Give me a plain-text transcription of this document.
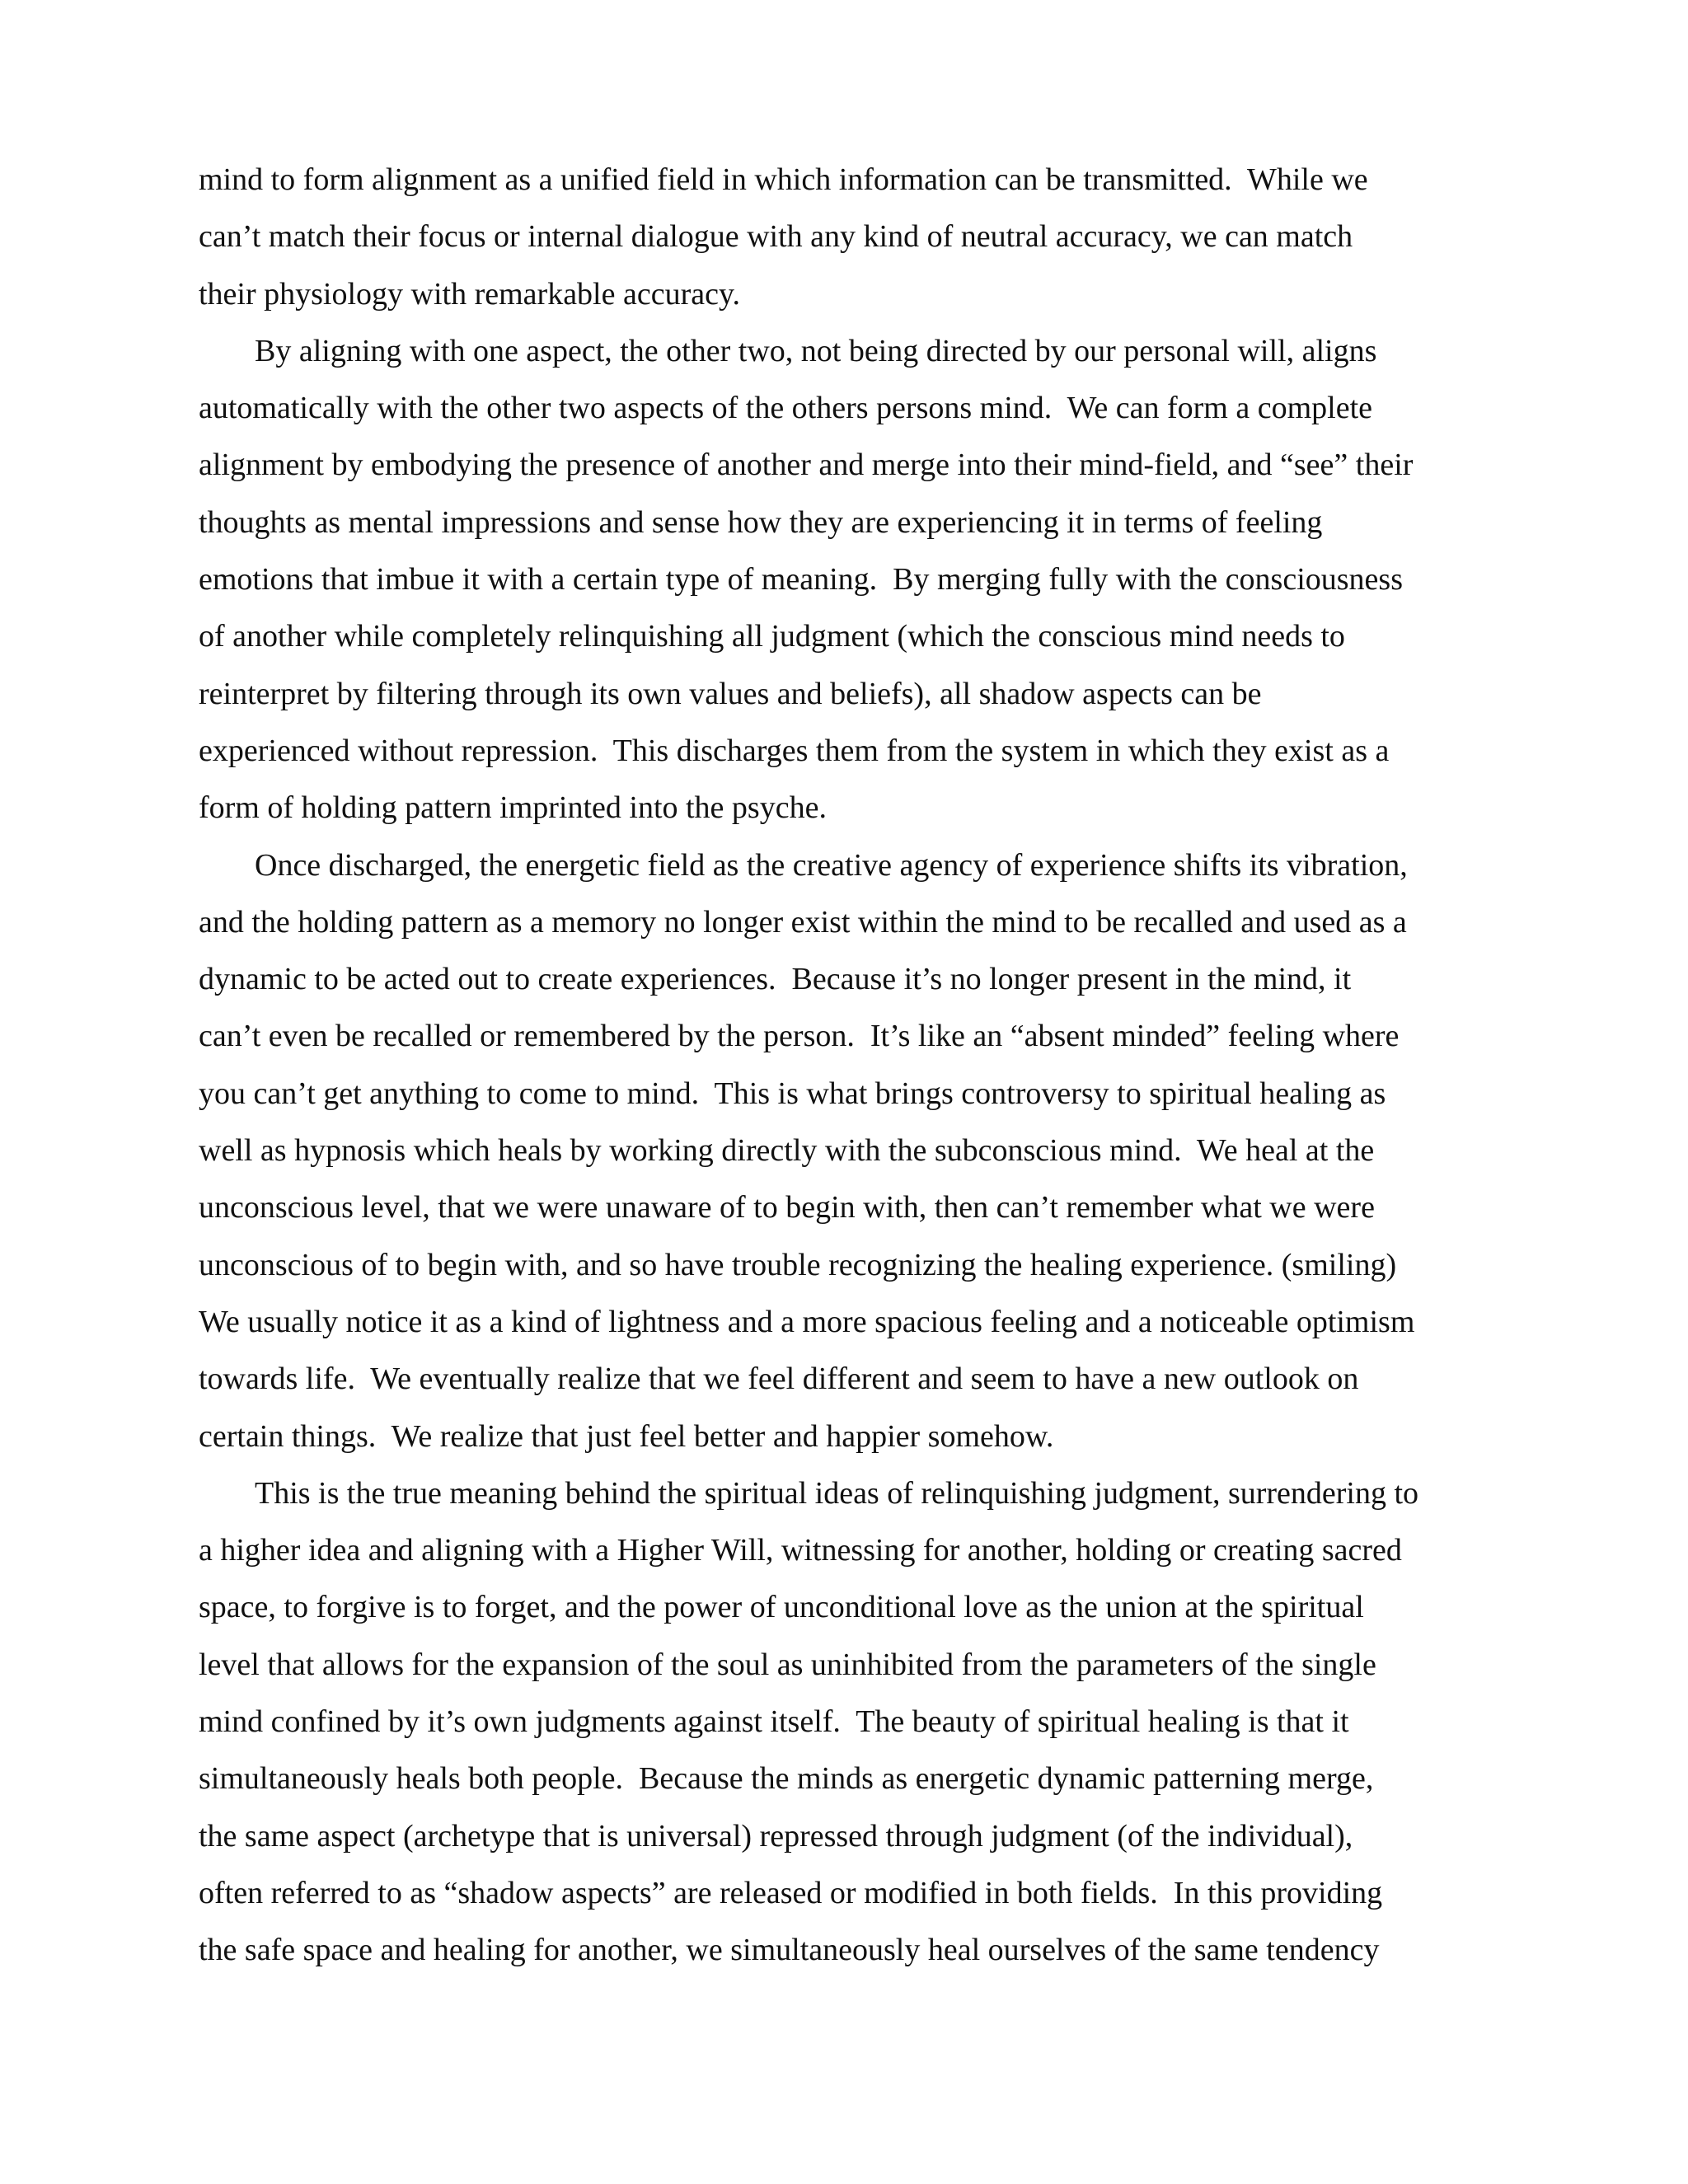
mind to form alignment as a unified field in which information can be transmitted.  While we
can’t match their focus or internal dialogue with any kind of neutral accuracy, we can match
their physiology with remarkable accuracy.
By aligning with one aspect, the other two, not being directed by our personal will, aligns
automatically with the other two aspects of the others persons mind.  We can form a complete
alignment by embodying the presence of another and merge into their mind-field, and “see” their
thoughts as mental impressions and sense how they are experiencing it in terms of feeling
emotions that imbue it with a certain type of meaning.  By merging fully with the consciousness
of another while completely relinquishing all judgment (which the conscious mind needs to
reinterpret by filtering through its own values and beliefs), all shadow aspects can be
experienced without repression.  This discharges them from the system in which they exist as a
form of holding pattern imprinted into the psyche.
Once discharged, the energetic field as the creative agency of experience shifts its vibration,
and the holding pattern as a memory no longer exist within the mind to be recalled and used as a
dynamic to be acted out to create experiences.  Because it’s no longer present in the mind, it
can’t even be recalled or remembered by the person.  It’s like an “absent minded” feeling where
you can’t get anything to come to mind.  This is what brings controversy to spiritual healing as
well as hypnosis which heals by working directly with the subconscious mind.  We heal at the
unconscious level, that we were unaware of to begin with, then can’t remember what we were
unconscious of to begin with, and so have trouble recognizing the healing experience. (smiling)
We usually notice it as a kind of lightness and a more spacious feeling and a noticeable optimism
towards life.  We eventually realize that we feel different and seem to have a new outlook on
certain things.  We realize that just feel better and happier somehow.
This is the true meaning behind the spiritual ideas of relinquishing judgment, surrendering to
a higher idea and aligning with a Higher Will, witnessing for another, holding or creating sacred
space, to forgive is to forget, and the power of unconditional love as the union at the spiritual
level that allows for the expansion of the soul as uninhibited from the parameters of the single
mind confined by it’s own judgments against itself.  The beauty of spiritual healing is that it
simultaneously heals both people.  Because the minds as energetic dynamic patterning merge,
the same aspect (archetype that is universal) repressed through judgment (of the individual),
often referred to as “shadow aspects” are released or modified in both fields.  In this providing
the safe space and healing for another, we simultaneously heal ourselves of the same tendency
